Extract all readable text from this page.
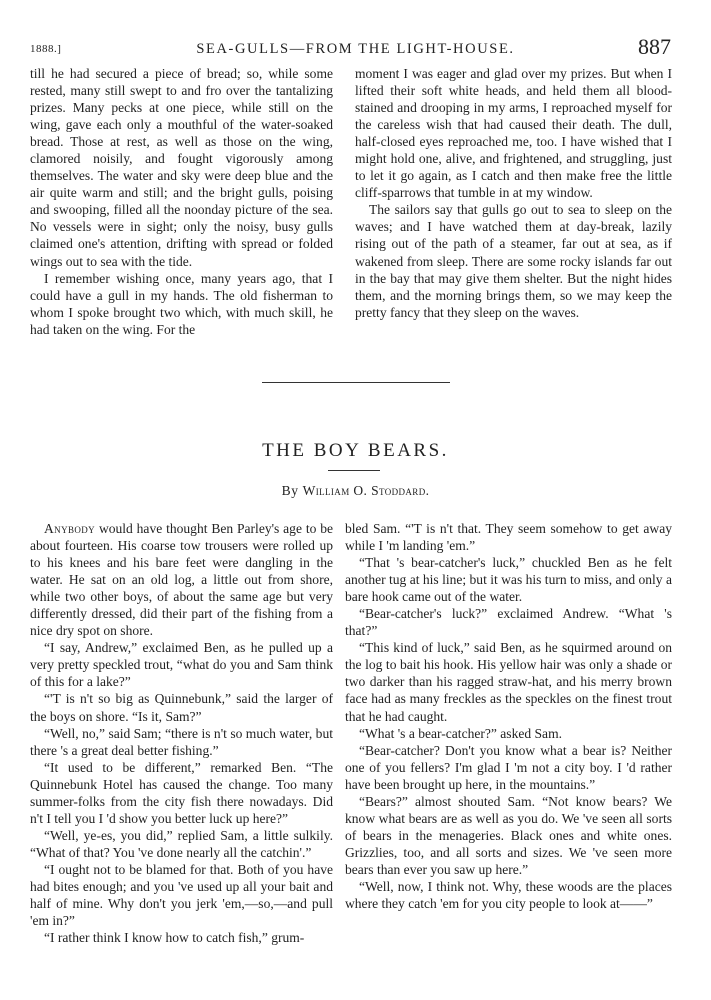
1888.]	SEA-GULLS—FROM THE LIGHT-HOUSE.	887

till he had secured a piece of bread; so, while some rested, many still swept to and fro over the tantalizing prizes. Many pecks at one piece, while still on the wing, gave each only a mouthful of the water-soaked bread. Those at rest, as well as those on the wing, clamored noisily, and fought vigorously among themselves. The water and sky were deep blue and the air quite warm and still; and the bright gulls, poising and swooping, filled all the noonday picture of the sea. No vessels were in sight; only the noisy, busy gulls claimed one's attention, drifting with spread or folded wings out to sea with the tide.

I remember wishing once, many years ago, that I could have a gull in my hands. The old fisherman to whom I spoke brought two which, with much skill, he had taken on the wing. For the

moment I was eager and glad over my prizes. But when I lifted their soft white heads, and held them all blood-stained and drooping in my arms, I reproached myself for the careless wish that had caused their death. The dull, half-closed eyes reproached me, too. I have wished that I might hold one, alive, and frightened, and struggling, just to let it go again, as I catch and then make free the little cliff-sparrows that tumble in at my window.

The sailors say that gulls go out to sea to sleep on the waves; and I have watched them at day-break, lazily rising out of the path of a steamer, far out at sea, as if wakened from sleep. There are some rocky islands far out in the bay that may give them shelter. But the night hides them, and the morning brings them, so we may keep the pretty fancy that they sleep on the waves.

THE BOY BEARS.
By William O. Stoddard.

Anybody would have thought Ben Parley's age to be about fourteen. His coarse tow trousers were rolled up to his knees and his bare feet were dangling in the water. He sat on an old log, a little out from shore, while two other boys, of about the same age but very differently dressed, did their part of the fishing from a nice dry spot on shore.

“I say, Andrew,” exclaimed Ben, as he pulled up a very pretty speckled trout, “what do you and Sam think of this for a lake?”

“'T is n't so big as Quinnebunk,” said the larger of the boys on shore. “Is it, Sam?”

“Well, no,” said Sam; “there is n't so much water, but there 's a great deal better fishing.”

“It used to be different,” remarked Ben. “The Quinnebunk Hotel has caused the change. Too many summer-folks from the city fish there nowadays. Did n't I tell you I 'd show you better luck up here?”

“Well, ye-es, you did,” replied Sam, a little sulkily. “What of that? You 've done nearly all the catchin'.”

“I ought not to be blamed for that. Both of you have had bites enough; and you 've used up all your bait and half of mine. Why don't you jerk 'em,—so,—and pull 'em in?”

“I rather think I know how to catch fish,” grum-

bled Sam. “'T is n't that. They seem somehow to get away while I 'm landing 'em.”

“That 's bear-catcher's luck,” chuckled Ben as he felt another tug at his line; but it was his turn to miss, and only a bare hook came out of the water.

“Bear-catcher's luck?” exclaimed Andrew. “What 's that?”

“This kind of luck,” said Ben, as he squirmed around on the log to bait his hook. His yellow hair was only a shade or two darker than his ragged straw-hat, and his merry brown face had as many freckles as the speckles on the finest trout that he had caught.

“What 's a bear-catcher?” asked Sam.

“Bear-catcher? Don't you know what a bear is? Neither one of you fellers? I'm glad I 'm not a city boy. I 'd rather have been brought up here, in the mountains.”

“Bears?” almost shouted Sam. “Not know bears? We know what bears are as well as you do. We 've seen all sorts of bears in the menageries. Black ones and white ones. Grizzlies, too, and all sorts and sizes. We 've seen more bears than ever you saw up here.”

“Well, now, I think not. Why, these woods are the places where they catch 'em for you city people to look at——”
